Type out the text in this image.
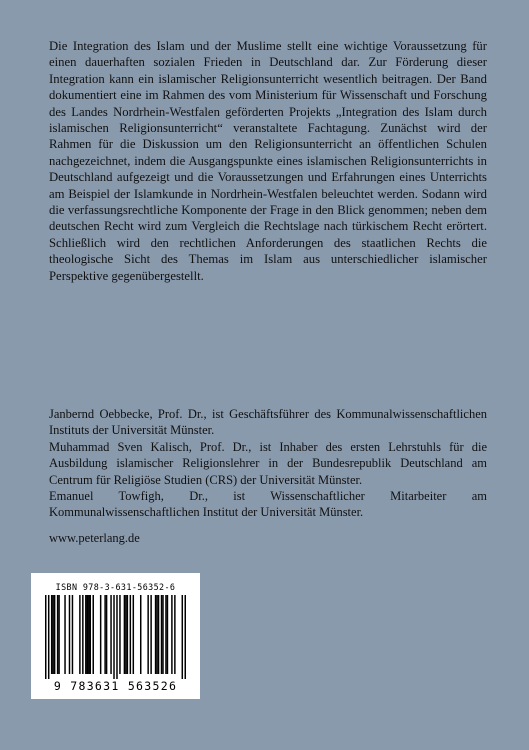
Die Integration des Islam und der Muslime stellt eine wichtige Voraussetzung für einen dauerhaften sozialen Frieden in Deutschland dar. Zur Förderung dieser Integration kann ein islamischer Religionsunterricht wesentlich beitragen. Der Band dokumentiert eine im Rahmen des vom Ministerium für Wissenschaft und Forschung des Landes Nordrhein-Westfalen geförderten Projekts „Integration des Islam durch islamischen Religionsunterricht“ veranstaltete Fachtagung. Zunächst wird der Rahmen für die Diskussion um den Religionsunterricht an öffentlichen Schulen nachgezeichnet, indem die Ausgangspunkte eines islamischen Religionsunterrichts in Deutschland aufgezeigt und die Voraussetzungen und Erfahrungen eines Unterrichts am Beispiel der Islamkunde in Nordrhein-Westfalen beleuchtet werden. Sodann wird die verfassungsrechtliche Komponente der Frage in den Blick genommen; neben dem deutschen Recht wird zum Vergleich die Rechtslage nach türkischem Recht erörtert. Schließlich wird den rechtlichen Anforderungen des staatlichen Rechts die theologische Sicht des Themas im Islam aus unterschiedlicher islamischer Perspektive gegenübergestellt.

Janbernd Oebbecke, Prof. Dr., ist Geschäftsführer des Kommunalwissenschaftlichen Instituts der Universität Münster.

Muhammad Sven Kalisch, Prof. Dr., ist Inhaber des ersten Lehrstuhls für die Ausbildung islamischer Religionslehrer in der Bundesrepublik Deutschland am Centrum für Religiöse Studien (CRS) der Universität Münster.

Emanuel Towfigh, Dr., ist Wissenschaftlicher Mitarbeiter am Kommunalwissenschaftlichen Institut der Universität Münster.

www.peterlang.de
ISBN 978-3-631-56352-6
9 783631 563526
